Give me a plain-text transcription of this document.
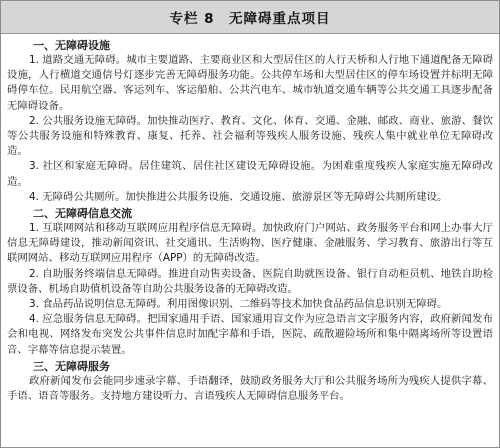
专栏 8　无障碍重点项目
一、无障碍设施

1. 道路交通无障碍。城市主要道路、主要商业区和大型居住区的人行天桥和人行地下通道配备无障碍设施，人行横道交通信号灯逐步完善无障碍服务功能。公共停车场和大型居住区的停车场设置并标明无障碍停车位。民用航空器、客运列车、客运船舶、公共汽电车、城市轨道交通车辆等公共交通工具逐步配备无障碍设备。

2. 公共服务设施无障碍。加快推动医疗、教育、文化、体育、交通、金融、邮政、商业、旅游、餐饮等公共服务设施和特殊教育、康复、托养、社会福利等残疾人服务设施、残疾人集中就业单位无障碍改造。

3. 社区和家庭无障碍。居住建筑、居住社区建设无障碍设施。为困难重度残疾人家庭实施无障碍改造。

4. 无障碍公共厕所。加快推进公共服务设施、交通设施、旅游景区等无障碍公共厕所建设。

二、无障碍信息交流

1. 互联网网站和移动互联网应用程序信息无障碍。加快政府门户网站、政务服务平台和网上办事大厅信息无障碍建设，推动新闻资讯、社交通讯、生活购物、医疗健康、金融服务、学习教育、旅游出行等互联网网站、移动互联网应用程序（APP）的无障碍改造。

2. 自助服务终端信息无障碍。推进自动售卖设备、医院自助就医设备、银行自动柜员机、地铁自助检票设备、机场自助值机设备等自助公共服务设备的无障碍改造。

3. 食品药品说明信息无障碍。利用图像识别、二维码等技术加快食品药品信息识别无障碍。

4. 应急服务信息无障碍。把国家通用手语、国家通用盲文作为应急语言文字服务内容，政府新闻发布会和电视、网络发布突发公共事件信息时加配字幕和手语，医院、疏散避险场所和集中隔离场所等设置语音、字幕等信息提示装置。

三、无障碍服务

政府新闻发布会能同步速录字幕、手语翻译，鼓励政务服务大厅和公共服务场所为残疾人提供字幕、手语、语音等服务。支持地方建设听力、言语残疾人无障碍信息服务平台。
